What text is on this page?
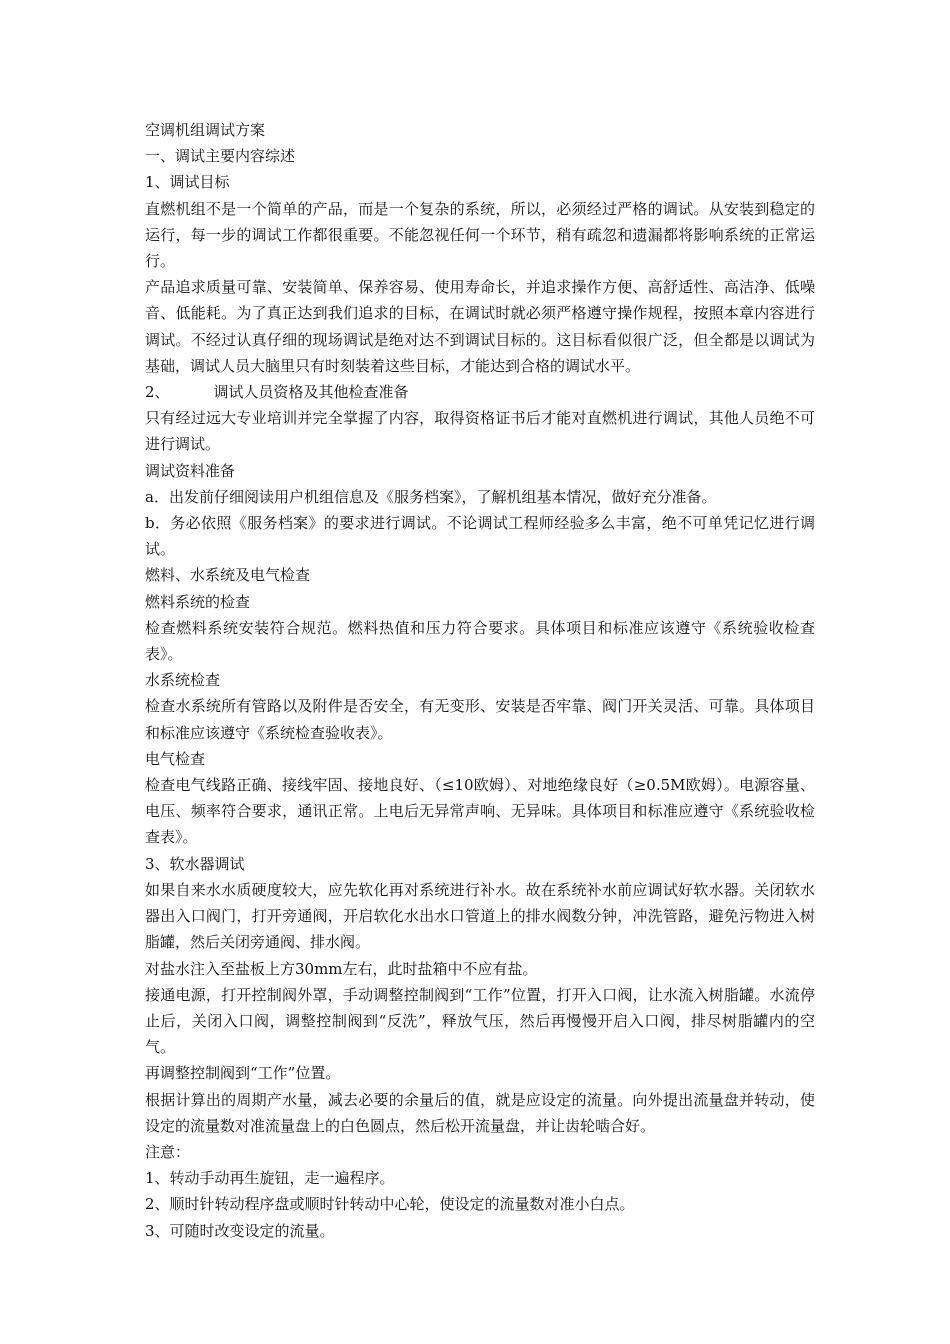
空调机组调试方案

一、调试主要内容综述

1、调试目标

直燃机组不是一个简单的产品，而是一个复杂的系统，所以，必须经过严格的调试。从安装到稳定的运行，每一步的调试工作都很重要。不能忽视任何一个环节，稍有疏忽和遗漏都将影响系统的正常运行。

产品追求质量可靠、安装简单、保养容易、使用寿命长，并追求操作方便、高舒适性、高洁净、低噪音、低能耗。为了真正达到我们追求的目标，在调试时就必须严格遵守操作规程，按照本章内容进行调试。不经过认真仔细的现场调试是绝对达不到调试目标的。这目标看似很广泛，但全都是以调试为基础，调试人员大脑里只有时刻装着这些目标，才能达到合格的调试水平。

2、	调试人员资格及其他检查准备

只有经过远大专业培训并完全掌握了内容，取得资格证书后才能对直燃机进行调试，其他人员绝不可进行调试。

调试资料准备

a．出发前仔细阅读用户机组信息及《服务档案》，了解机组基本情况，做好充分准备。

b．务必依照《服务档案》的要求进行调试。不论调试工程师经验多么丰富，绝不可单凭记忆进行调试。

燃料、水系统及电气检查

燃料系统的检查

检查燃料系统安装符合规范。燃料热值和压力符合要求。具体项目和标准应该遵守《系统验收检查表》。

水系统检查

检查水系统所有管路以及附件是否安全，有无变形、安装是否牢靠、阀门开关灵活、可靠。具体项目和标准应该遵守《系统检查验收表》。

电气检查

检查电气线路正确、接线牢固、接地良好、（≤10欧姆）、对地绝缘良好（≥0.5M欧姆）。电源容量、电压、频率符合要求，通讯正常。上电后无异常声响、无异味。具体项目和标准应遵守《系统验收检查表》。

3、软水器调试

如果自来水水质硬度较大，应先软化再对系统进行补水。故在系统补水前应调试好软水器。关闭软水器出入口阀门，打开旁通阀，开启软化水出水口管道上的排水阀数分钟，冲洗管路，避免污物进入树脂罐，然后关闭旁通阀、排水阀。

对盐水注入至盐板上方30mm左右，此时盐箱中不应有盐。

接通电源，打开控制阀外罩，手动调整控制阀到“工作”位置，打开入口阀，让水流入树脂罐。水流停止后，关闭入口阀，调整控制阀到“反洗”，释放气压，然后再慢慢开启入口阀，排尽树脂罐内的空气。

再调整控制阀到“工作”位置。

根据计算出的周期产水量，减去必要的余量后的值，就是应设定的流量。向外提出流量盘并转动，使设定的流量数对准流量盘上的白色圆点，然后松开流量盘，并让齿轮啮合好。

注意：

1、转动手动再生旋钮，走一遍程序。

2、顺时针转动程序盘或顺时针转动中心轮，使设定的流量数对准小白点。

3、可随时改变设定的流量。
